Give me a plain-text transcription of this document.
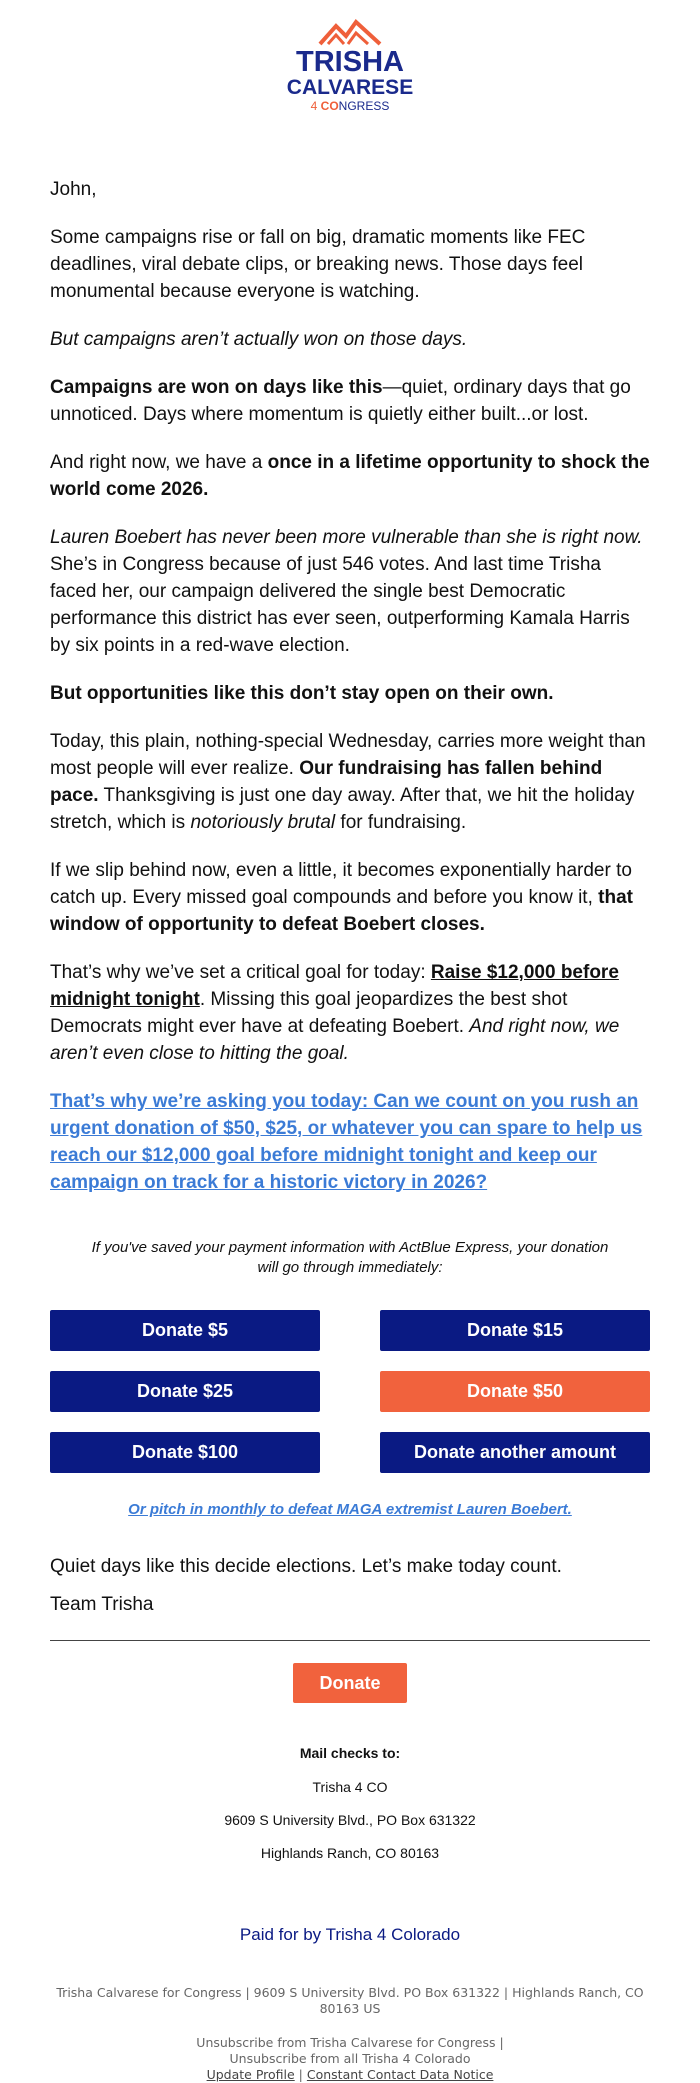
TRISHA
CALVARESE
4 CONGRESS

John,

Some campaigns rise or fall on big, dramatic moments like FEC deadlines, viral debate clips, or breaking news. Those days feel monumental because everyone is watching.

But campaigns aren’t actually won on those days.

Campaigns are won on days like this—quiet, ordinary days that go unnoticed. Days where momentum is quietly either built...or lost.

And right now, we have a once in a lifetime opportunity to shock the world come 2026.

Lauren Boebert has never been more vulnerable than she is right now. She’s in Congress because of just 546 votes. And last time Trisha faced her, our campaign delivered the single best Democratic performance this district has ever seen, outperforming Kamala Harris by six points in a red-wave election.

But opportunities like this don’t stay open on their own.

Today, this plain, nothing-special Wednesday, carries more weight than most people will ever realize. Our fundraising has fallen behind pace. Thanksgiving is just one day away. After that, we hit the holiday stretch, which is notoriously brutal for fundraising.

If we slip behind now, even a little, it becomes exponentially harder to catch up. Every missed goal compounds and before you know it, that window of opportunity to defeat Boebert closes.

That’s why we’ve set a critical goal for today: Raise $12,000 before midnight tonight. Missing this goal jeopardizes the best shot Democrats might ever have at defeating Boebert. And right now, we aren’t even close to hitting the goal.

That’s why we’re asking you today: Can we count on you rush an urgent donation of $50, $25, or whatever you can spare to help us reach our $12,000 goal before midnight tonight and keep our campaign on track for a historic victory in 2026?

If you've saved your payment information with ActBlue Express, your donation will go through immediately:

Donate $5	Donate $15
Donate $25	Donate $50
Donate $100	Donate another amount
Or pitch in monthly to defeat MAGA extremist Lauren Boebert.

Quiet days like this decide elections. Let’s make today count.

Team Trisha

Donate

Mail checks to:

Trisha 4 CO

9609 S University Blvd., PO Box 631322

Highlands Ranch, CO 80163

Paid for by Trisha 4 Colorado

Trisha Calvarese for Congress | 9609 S University Blvd. PO Box 631322 | Highlands Ranch, CO 80163 US

Unsubscribe from Trisha Calvarese for Congress |

Unsubscribe from all Trisha 4 Colorado

Update Profile | Constant Contact Data Notice
